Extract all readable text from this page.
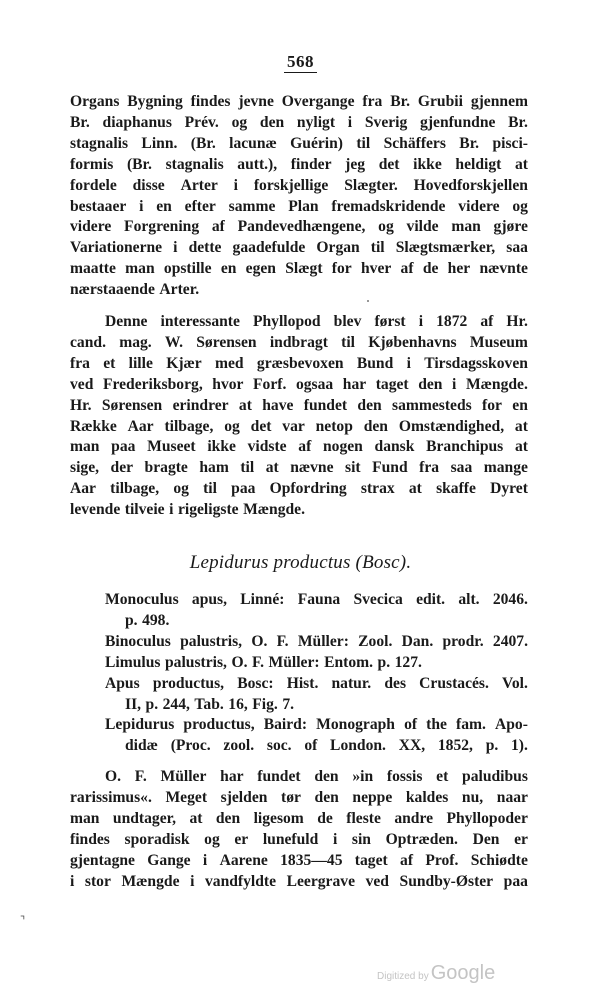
568
Organs Bygning findes jevne Overgange fra Br. Grubii gjennem
Br. diaphanus Prév. og den nyligt i Sverig gjenfundne Br.
stagnalis Linn. (Br. lacunæ Guérin) til Schäffers Br. pisci-
formis (Br. stagnalis autt.), finder jeg det ikke heldigt at
fordele disse Arter i forskjellige Slægter. Hovedforskjellen
bestaaer i en efter samme Plan fremadskridende videre og
videre Forgrening af Pandevedhængene, og vilde man gjøre
Variationerne i dette gaadefulde Organ til Slægtsmærker, saa
maatte man opstille en egen Slægt for hver af de her nævnte
nærstaaende Arter.
Denne interessante Phyllopod blev først i 1872 af Hr.
cand. mag. W. Sørensen indbragt til Kjøbenhavns Museum
fra et lille Kjær med græsbevoxen Bund i Tirsdagsskoven
ved Frederiksborg, hvor Forf. ogsaa har taget den i Mængde.
Hr. Sørensen erindrer at have fundet den sammesteds for en
Række Aar tilbage, og det var netop den Omstændighed, at
man paa Museet ikke vidste af nogen dansk Branchipus at
sige, der bragte ham til at nævne sit Fund fra saa mange
Aar tilbage, og til paa Opfordring strax at skaffe Dyret
levende tilveie i rigeligste Mængde.
Monoculus apus, Linné: Fauna Svecica edit. alt. 2046.
p. 498.
Binoculus palustris, O. F. Müller: Zool. Dan. prodr. 2407.
Limulus palustris, O. F. Müller: Entom. p. 127.
Apus productus, Bosc: Hist. natur. des Crustacés. Vol.
II, p. 244, Tab. 16, Fig. 7.
Lepidurus productus, Baird: Monograph of the fam. Apo-
didæ (Proc. zool. soc. of London. XX, 1852, p. 1).
O. F. Müller har fundet den »in fossis et paludibus
rarissimus«. Meget sjelden tør den neppe kaldes nu, naar
man undtager, at den ligesom de fleste andre Phyllopoder
findes sporadisk og er lunefuld i sin Optræden. Den er
gjentagne Gange i Aarene 1835—45 taget af Prof. Schiødte
i stor Mængde i vandfyldte Leergrave ved Sundby-Øster paa
Lepidurus productus (Bosc).
⌝
Digitized by Google
